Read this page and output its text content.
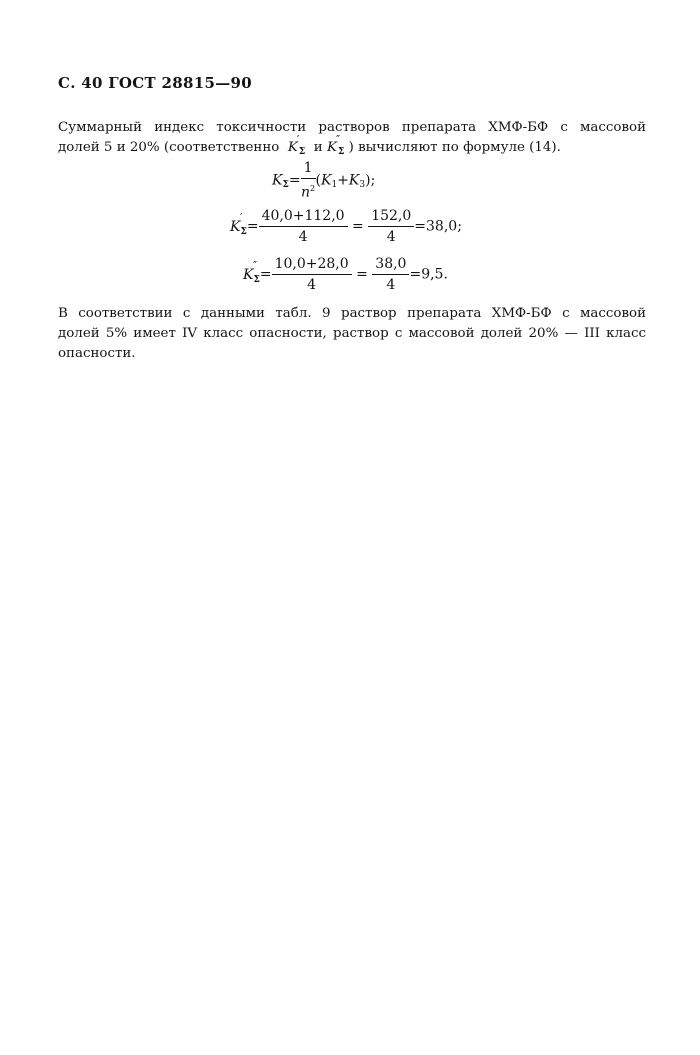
С. 40 ГОСТ 28815—90
Суммарный индекс токсичности растворов препарата ХМФ-БФ с массовой
долей 5 и 20% (соответственно K
′
$_\Sigma$ и K
″
$_\Sigma$ ) вычисляют по формуле (14).
$K_\Sigma= \frac{1}{n^2} (K_1+K_3)$;
K
′
$_\Sigma= \frac{40,0+112,0}{4} = \frac{152,0}{4} =38,0$;
K
″
$_\Sigma= \frac{10,0+28,0}{4} = \frac{38,0}{4} =9,5$.
В соответствии с данными табл. 9 раствор препарата ХМФ-БФ с массовой
долей 5% имеет IV класс опасности, раствор с массовой долей 20% — III класс
опасности.
